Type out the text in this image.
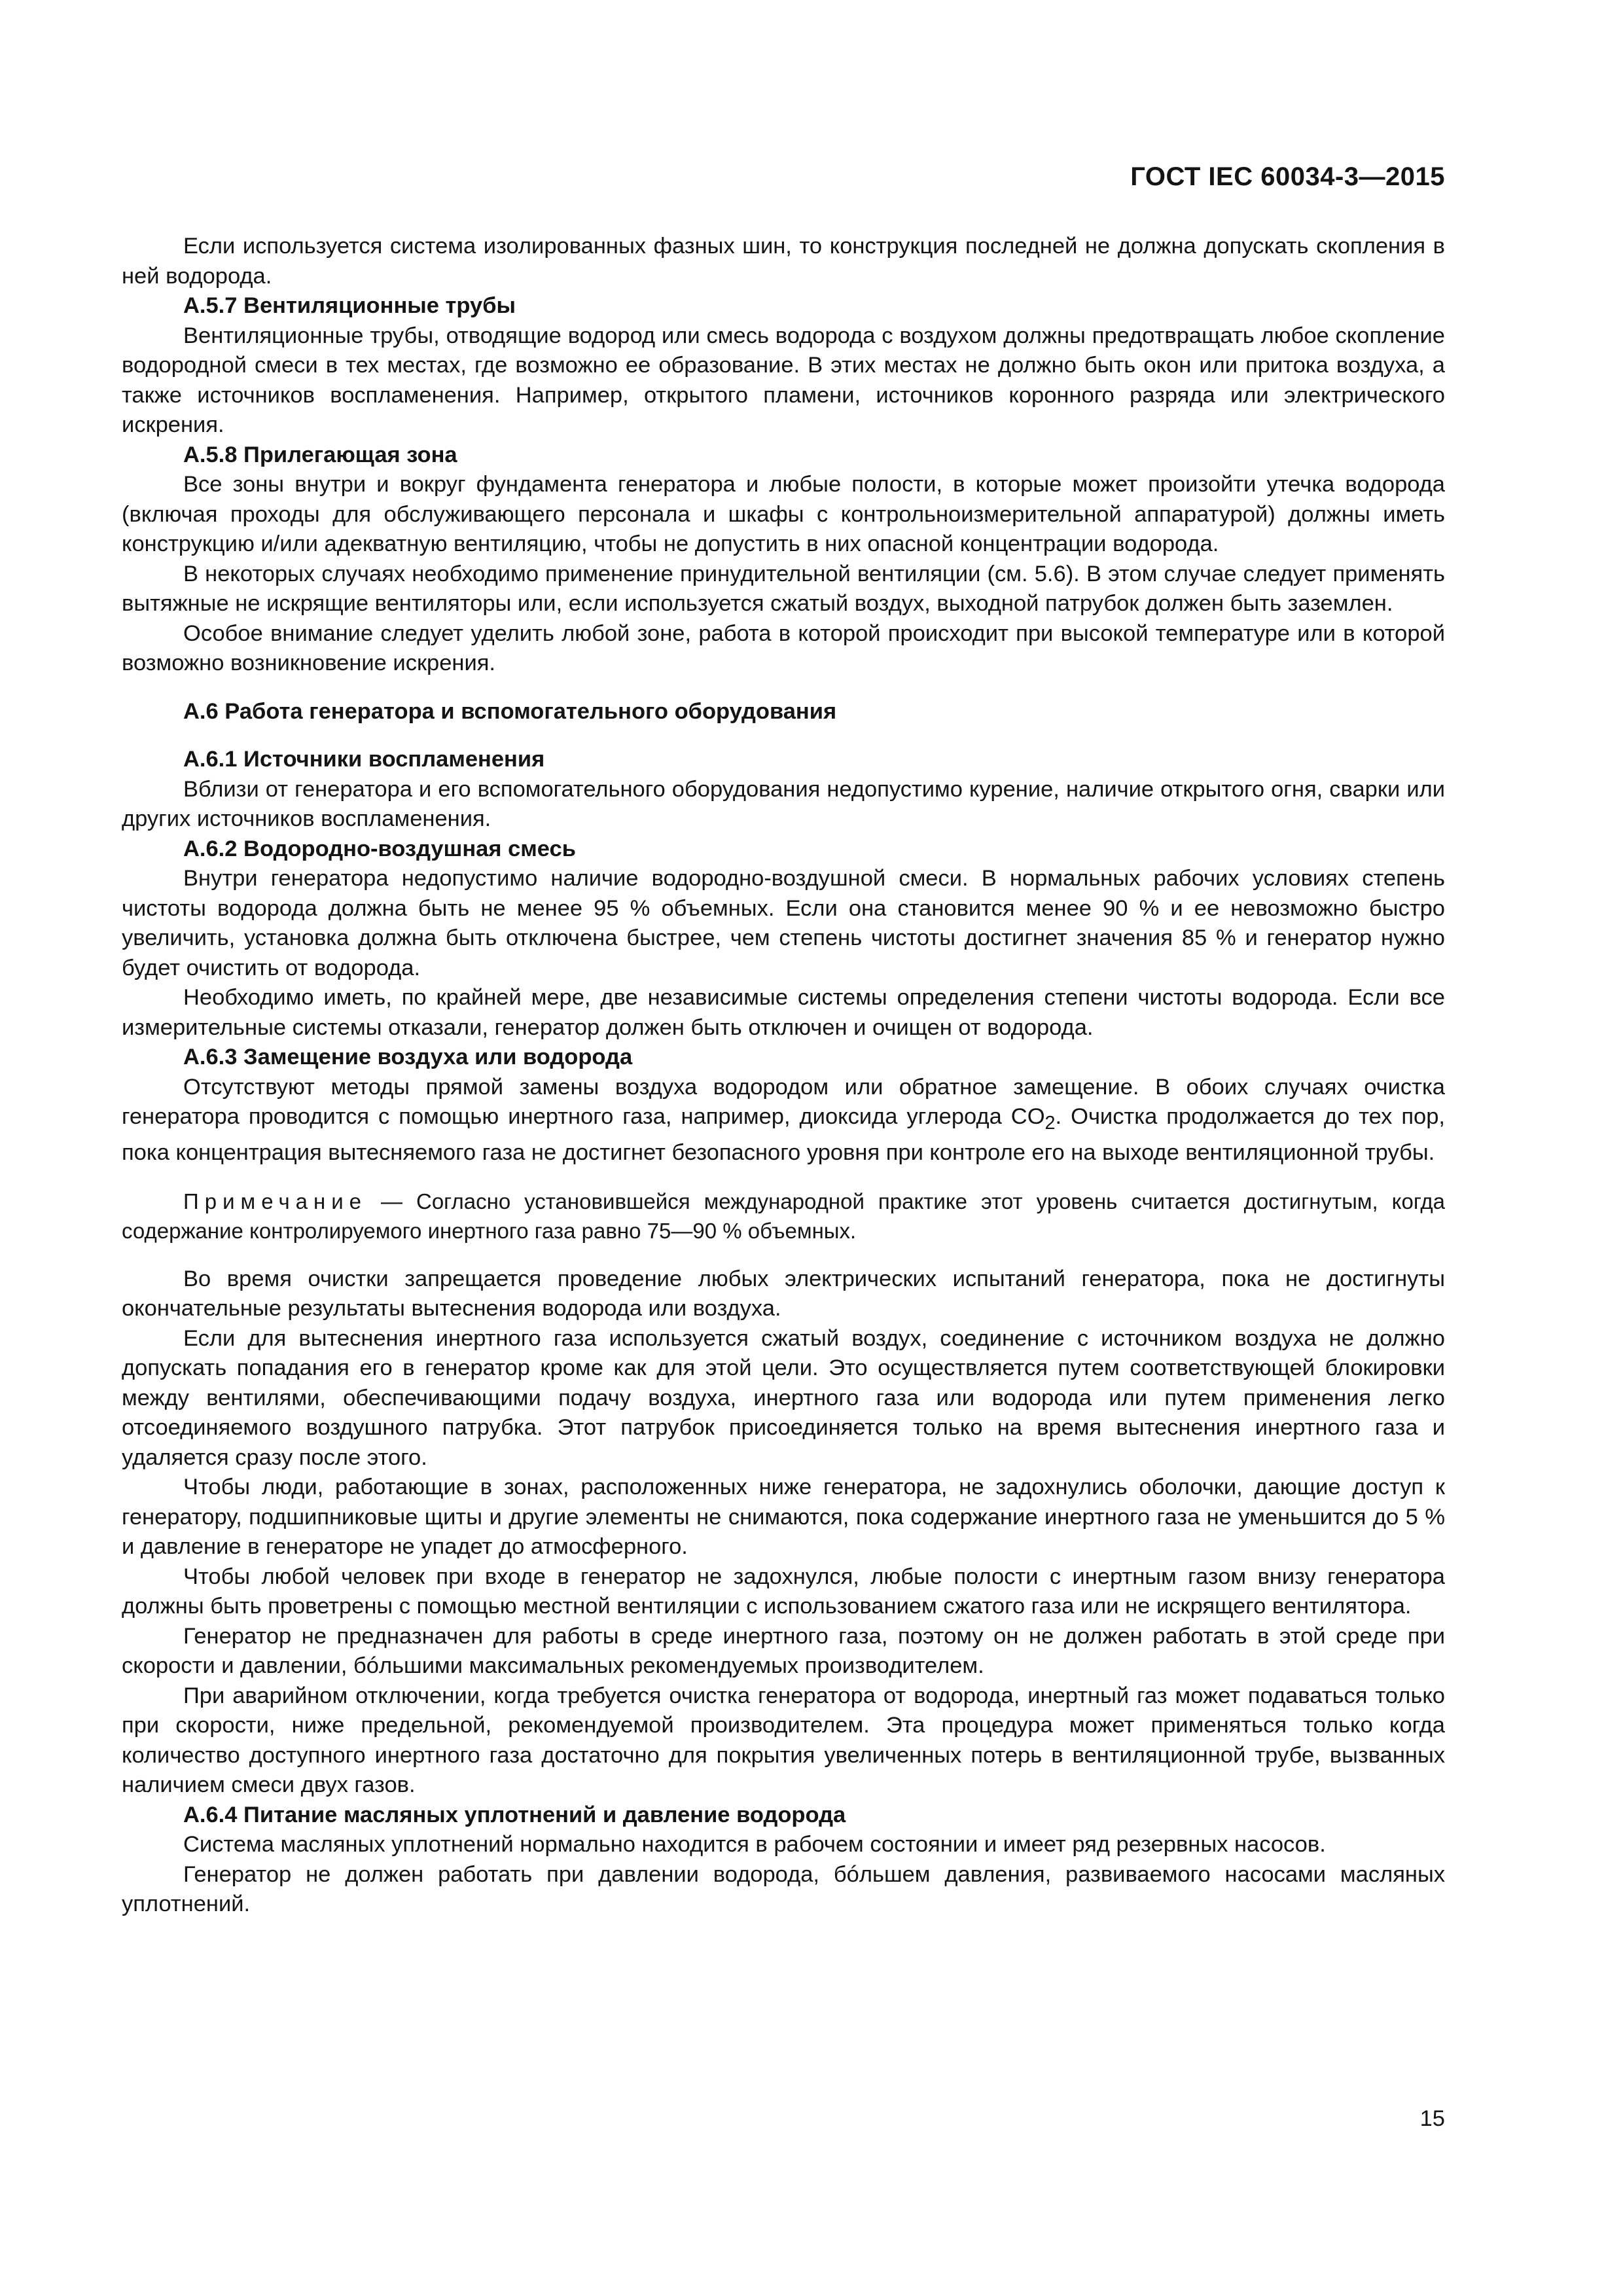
ГОСТ IEC 60034-3—2015

Если используется система изолированных фазных шин, то конструкция последней не должна допускать скопления в ней водорода.

А.5.7 Вентиляционные трубы

Вентиляционные трубы, отводящие водород или смесь водорода с воздухом должны предотвращать любое скопление водородной смеси в тех местах, где возможно ее образование. В этих местах не должно быть окон или притока воздуха, а также источников воспламенения. Например, открытого пламени, источников коронного разряда или электрического искрения.

А.5.8 Прилегающая зона

Все зоны внутри и вокруг фундамента генератора и любые полости, в которые может произойти утечка водорода (включая проходы для обслуживающего персонала и шкафы с контрольноизмерительной аппаратурой) должны иметь конструкцию и/или адекватную вентиляцию, чтобы не допустить в них опасной концентрации водорода.

В некоторых случаях необходимо применение принудительной вентиляции (см. 5.6). В этом случае следует применять вытяжные не искрящие вентиляторы или, если используется сжатый воздух, выходной патрубок должен быть заземлен.

Особое внимание следует уделить любой зоне, работа в которой происходит при высокой температуре или в которой возможно возникновение искрения.

А.6 Работа генератора и вспомогательного оборудования
А.6.1 Источники воспламенения

Вблизи от генератора и его вспомогательного оборудования недопустимо курение, наличие открытого огня, сварки или других источников воспламенения.

А.6.2 Водородно-воздушная смесь

Внутри генератора недопустимо наличие водородно-воздушной смеси. В нормальных рабочих условиях степень чистоты водорода должна быть не менее 95 % объемных. Если она становится менее 90 % и ее невозможно быстро увеличить, установка должна быть отключена быстрее, чем степень чистоты достигнет значения 85 % и генератор нужно будет очистить от водорода.

Необходимо иметь, по крайней мере, две независимые системы определения степени чистоты водорода. Если все измерительные системы отказали, генератор должен быть отключен и очищен от водорода.

А.6.3 Замещение воздуха или водорода

Отсутствуют методы прямой замены воздуха водородом или обратное замещение. В обоих случаях очистка генератора проводится с помощью инертного газа, например, диоксида углерода $CO_2$. Очистка продолжается до тех пор, пока концентрация вытесняемого газа не достигнет безопасного уровня при контроле его на выходе вентиляционной трубы.

Примечание — Согласно установившейся международной практике этот уровень считается достигнутым, когда содержание контролируемого инертного газа равно 75—90 % объемных.

Во время очистки запрещается проведение любых электрических испытаний генератора, пока не достигнуты окончательные результаты вытеснения водорода или воздуха.

Если для вытеснения инертного газа используется сжатый воздух, соединение с источником воздуха не должно допускать попадания его в генератор кроме как для этой цели. Это осуществляется путем соответствующей блокировки между вентилями, обеспечивающими подачу воздуха, инертного газа или водорода или путем применения легко отсоединяемого воздушного патрубка. Этот патрубок присоединяется только на время вытеснения инертного газа и удаляется сразу после этого.

Чтобы люди, работающие в зонах, расположенных ниже генератора, не задохнулись оболочки, дающие доступ к генератору, подшипниковые щиты и другие элементы не снимаются, пока содержание инертного газа не уменьшится до 5 % и давление в генераторе не упадет до атмосферного.

Чтобы любой человек при входе в генератор не задохнулся, любые полости с инертным газом внизу генератора должны быть проветрены с помощью местной вентиляции с использованием сжатого газа или не искрящего вентилятора.

Генератор не предназначен для работы в среде инертного газа, поэтому он не должен работать в этой среде при скорости и давлении, бóльшими максимальных рекомендуемых производителем.

При аварийном отключении, когда требуется очистка генератора от водорода, инертный газ может подаваться только при скорости, ниже предельной, рекомендуемой производителем. Эта процедура может применяться только когда количество доступного инертного газа достаточно для покрытия увеличенных потерь в вентиляционной трубе, вызванных наличием смеси двух газов.

А.6.4 Питание масляных уплотнений и давление водорода

Система масляных уплотнений нормально находится в рабочем состоянии и имеет ряд резервных насосов.

Генератор не должен работать при давлении водорода, бóльшем давления, развиваемого насосами масляных уплотнений.

15
